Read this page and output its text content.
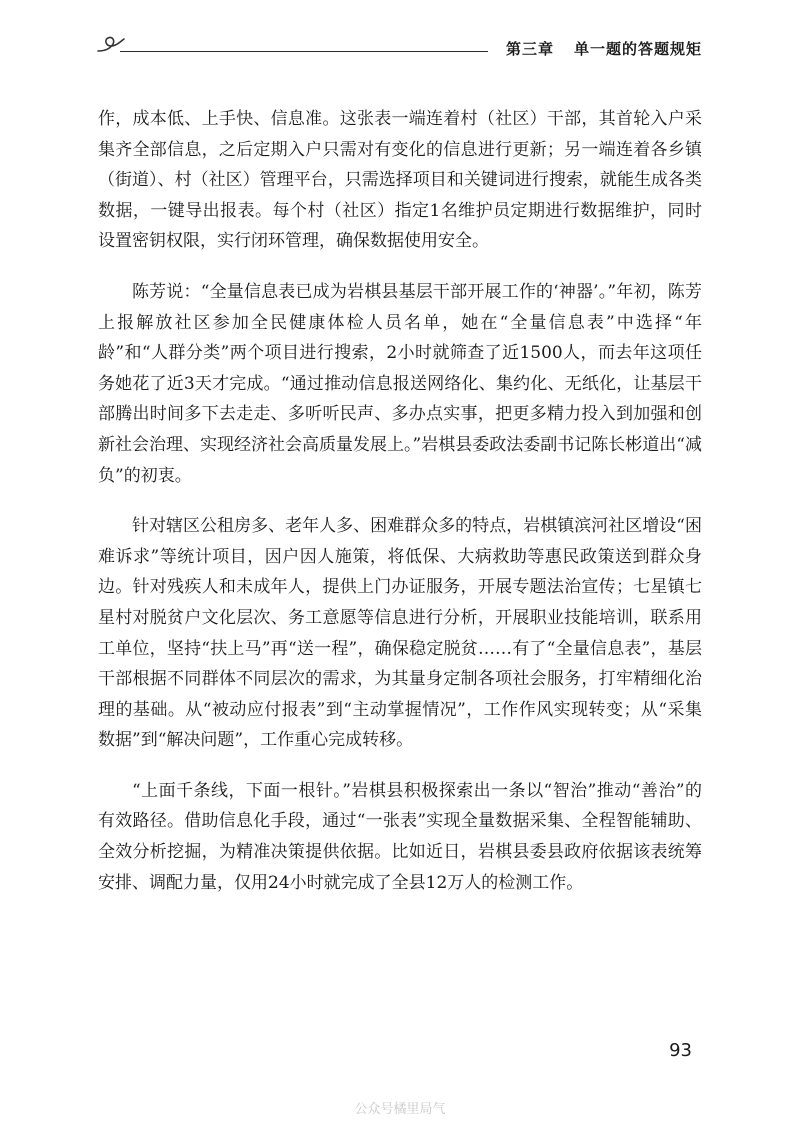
第三章 单一题的答题规矩

作，成本低、上手快、信息准。这张表一端连着村（社区）干部，其首轮入户采集齐全部信息，之后定期入户只需对有变化的信息进行更新；另一端连着各乡镇（街道）、村（社区）管理平台，只需选择项目和关键词进行搜索，就能生成各类数据，一键导出报表。每个村（社区）指定1名维护员定期进行数据维护，同时设置密钥权限，实行闭环管理，确保数据使用安全。

陈芳说：“全量信息表已成为岩棋县基层干部开展工作的‘神器’。”年初，陈芳上报解放社区参加全民健康体检人员名单，她在“全量信息表”中选择“年龄”和“人群分类”两个项目进行搜索，2小时就筛查了近1500人，而去年这项任务她花了近3天才完成。“通过推动信息报送网络化、集约化、无纸化，让基层干部腾出时间多下去走走、多听听民声、多办点实事，把更多精力投入到加强和创新社会治理、实现经济社会高质量发展上。”岩棋县委政法委副书记陈长彬道出“减负”的初衷。

针对辖区公租房多、老年人多、困难群众多的特点，岩棋镇滨河社区增设“困难诉求”等统计项目，因户因人施策，将低保、大病救助等惠民政策送到群众身边。针对残疾人和未成年人，提供上门办证服务，开展专题法治宣传；七星镇七星村对脱贫户文化层次、务工意愿等信息进行分析，开展职业技能培训，联系用工单位，坚持“扶上马”再“送一程”，确保稳定脱贫……有了“全量信息表”，基层干部根据不同群体不同层次的需求，为其量身定制各项社会服务，打牢精细化治理的基础。从“被动应付报表”到“主动掌握情况”，工作作风实现转变；从“采集数据”到“解决问题”，工作重心完成转移。

“上面千条线，下面一根针。”岩棋县积极探索出一条以“智治”推动“善治”的有效路径。借助信息化手段，通过“一张表”实现全量数据采集、全程智能辅助、全效分析挖掘，为精准决策提供依据。比如近日，岩棋县委县政府依据该表统筹安排、调配力量，仅用24小时就完成了全县12万人的检测工作。

93
公众号橘里局气
